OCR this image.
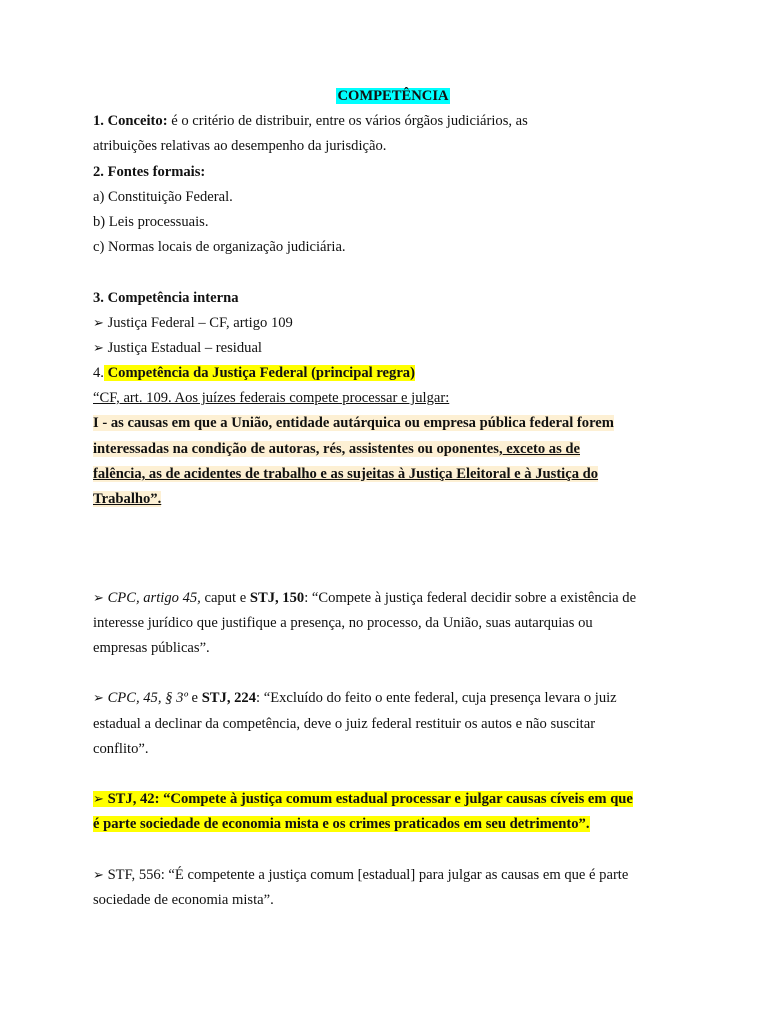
COMPETÊNCIA
1. Conceito: é o critério de distribuir, entre os vários órgãos judiciários, as
atribuições relativas ao desempenho da jurisdição.
2. Fontes formais:
a) Constituição Federal.
b) Leis processuais.
c) Normas locais de organização judiciária.
3. Competência interna
➢ Justiça Federal – CF, artigo 109
➢ Justiça Estadual – residual
4. Competência da Justiça Federal (principal regra)
“CF, art. 109. Aos juízes federais compete processar e julgar:
I - as causas em que a União, entidade autárquica ou empresa pública federal forem
interessadas na condição de autoras, rés, assistentes ou oponentes, exceto as de
falência, as de acidentes de trabalho e as sujeitas à Justiça Eleitoral e à Justiça do
Trabalho”.
➢ CPC, artigo 45, caput e STJ, 150: “Compete à justiça federal decidir sobre a existência de
interesse jurídico que justifique a presença, no processo, da União, suas autarquias ou
empresas públicas”.
➢ CPC, 45, § 3º e STJ, 224: “Excluído do feito o ente federal, cuja presença levara o juiz
estadual a declinar da competência, deve o juiz federal restituir os autos e não suscitar
conflito”.
➢ STJ, 42: “Compete à justiça comum estadual processar e julgar causas cíveis em que
é parte sociedade de economia mista e os crimes praticados em seu detrimento”.
➢ STF, 556: “É competente a justiça comum [estadual] para julgar as causas em que é parte
sociedade de economia mista”.
